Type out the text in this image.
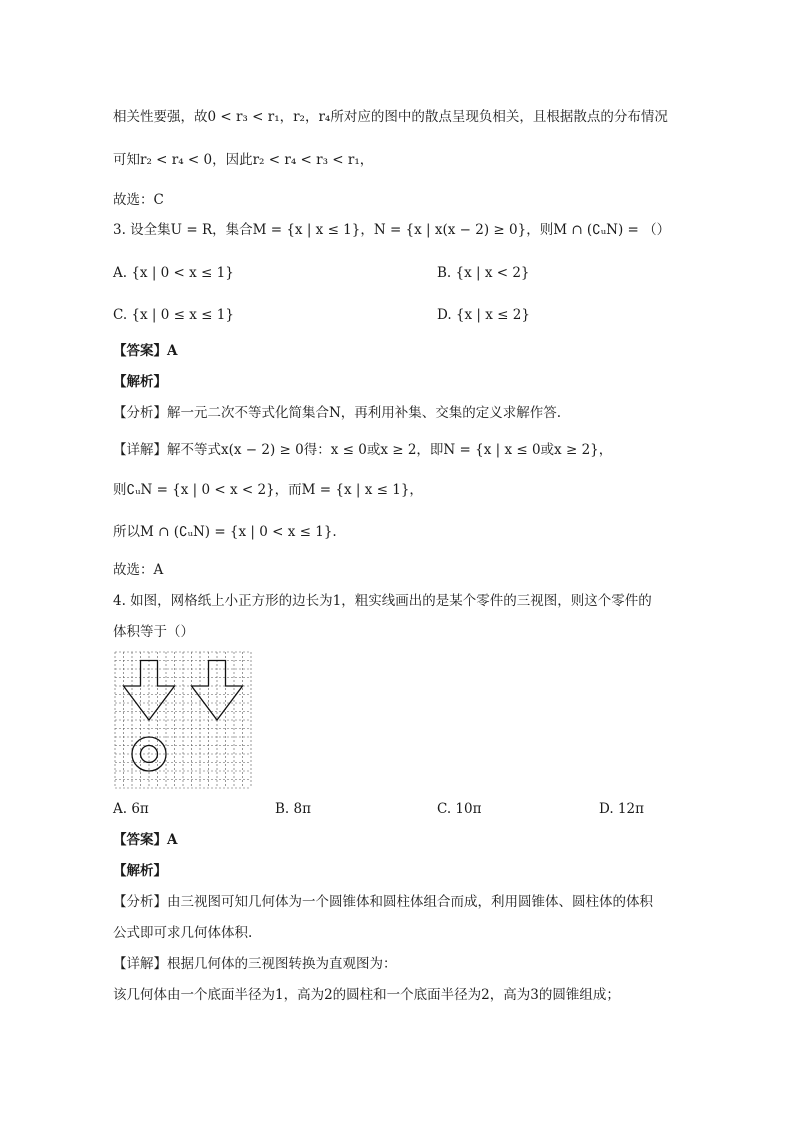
相关性要强，故0 < r₃ < r₁，r₂，r₄所对应的图中的散点呈现负相关，且根据散点的分布情况
可知r₂ < r₄ < 0，因此r₂ < r₄ < r₃ < r₁，
故选：C
3. 设全集U = R，集合M = {x | x ≤ 1}，N = {x | x(x − 2) ≥ 0}，则M ∩ (∁ᵤN) = （）
A. {x | 0 < x ≤ 1}	B. {x | x < 2}
C. {x | 0 ≤ x ≤ 1}	D. {x | x ≤ 2}
【答案】A
【解析】
【分析】解一元二次不等式化简集合N，再利用补集、交集的定义求解作答.
【详解】解不等式x(x − 2) ≥ 0得：x ≤ 0或x ≥ 2，即N = {x | x ≤ 0或x ≥ 2}，
则∁ᵤN = {x | 0 < x < 2}，而M = {x | x ≤ 1}，
所以M ∩ (∁ᵤN) = {x | 0 < x ≤ 1}.
故选：A
4. 如图，网格纸上小正方形的边长为1，粗实线画出的是某个零件的三视图，则这个零件的
体积等于（）
A. 6π	B. 8π	C. 10π	D. 12π
【答案】A
【解析】
【分析】由三视图可知几何体为一个圆锥体和圆柱体组合而成，利用圆锥体、圆柱体的体积
公式即可求几何体体积.
【详解】根据几何体的三视图转换为直观图为：
该几何体由一个底面半径为1，高为2的圆柱和一个底面半径为2，高为3的圆锥组成；
